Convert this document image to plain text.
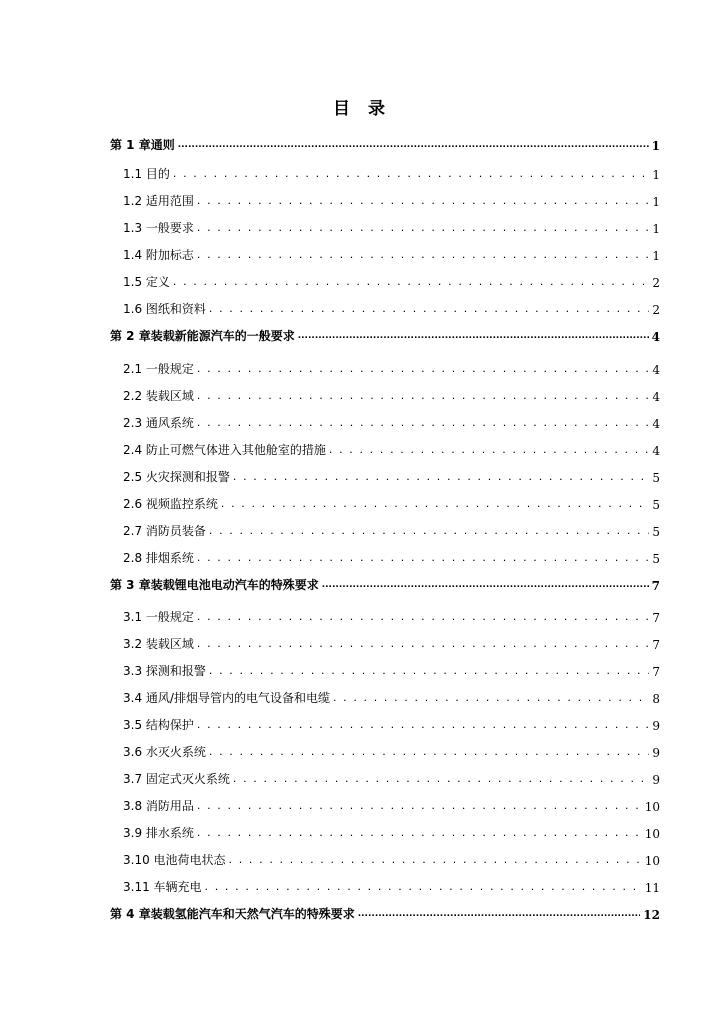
目 录
第 1 章通则 .....	1
1.1 目的 . . .	1
1.2 适用范围 . . .	1
1.3 一般要求 . . .	1
1.4 附加标志 . . .	1
1.5 定义 . . .	2
1.6 图纸和资料 . . .	2
第 2 章装载新能源汽车的一般要求 .....	4
2.1 一般规定 . . .	4
2.2 装载区域 . . .	4
2.3 通风系统 . . .	4
2.4 防止可燃气体进入其他舱室的措施 . . .	4
2.5 火灾探测和报警 . . .	5
2.6 视频监控系统 . . .	5
2.7 消防员装备 . . .	5
2.8 排烟系统 . . .	5
第 3 章装载锂电池电动汽车的特殊要求 .....	7
3.1 一般规定 . . .	7
3.2 装载区域 . . .	7
3.3 探测和报警 . . .	7
3.4 通风/排烟导管内的电气设备和电缆 . . .	8
3.5 结构保护 . . .	9
3.6 水灭火系统 . . .	9
3.7 固定式灭火系统 . . .	9
3.8 消防用品 . . .	10
3.9 排水系统 . . .	10
3.10 电池荷电状态 . . .	10
3.11 车辆充电 . . .	11
第 4 章装载氢能汽车和天然气汽车的特殊要求 .....	12
